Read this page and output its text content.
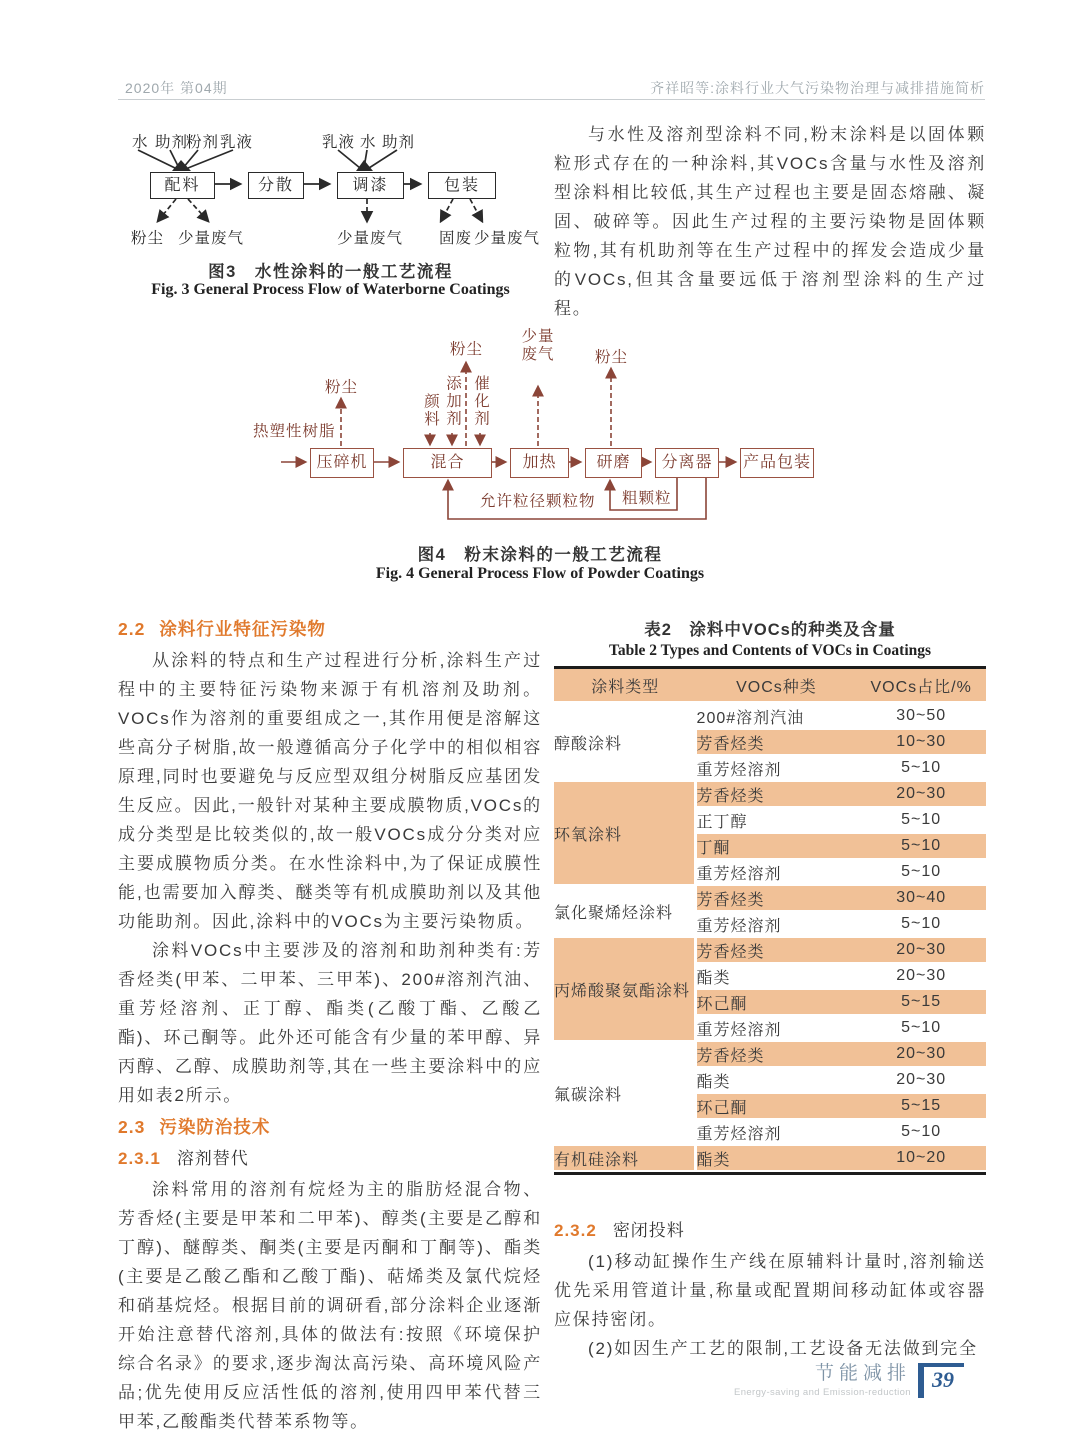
2020年 第04期	齐祥昭等:涂料行业大气污染物治理与减排措施简析
水 助剂
粉剂 乳液	乳液 水 助剂
配料	分散	调漆	包装
粉尘 少量废气	少量废气 固废 少量废气
图3　水性涂料的一般工艺流程
Fig. 3 General Process Flow of Waterborne Coatings

与水性及溶剂型涂料不同,粉末涂料是以固体颗粒形式存在的一种涂料,其VOCs含量与水性及溶剂型涂料相比较低,其生产过程也主要是固态熔融、凝固、破碎等。因此生产过程的主要污染物是固体颗粒物,其有机助剂等在生产过程中的挥发会造成少量的VOCs,但其含量要远低于溶剂型涂料的生产过程。

热塑性树脂
压碎机	混合	加热	研磨	分离器	产品包装
颜料 添加剂 催化剂
粉尘
粉尘
少量废气	粉尘
允许粒径颗粒物 粗颗粒
图4　粉末涂料的一般工艺流程
Fig. 4 General Process Flow of Powder Coatings
2.2 涂料行业特征污染物

从涂料的特点和生产过程进行分析,涂料生产过程中的主要特征污染物来源于有机溶剂及助剂。VOCs作为溶剂的重要组成之一,其作用便是溶解这些高分子树脂,故一般遵循高分子化学中的相似相容原理,同时也要避免与反应型双组分树脂反应基团发生反应。因此,一般针对某种主要成膜物质,VOCs的成分类型是比较类似的,故一般VOCs成分分类对应主要成膜物质分类。在水性涂料中,为了保证成膜性能,也需要加入醇类、醚类等有机成膜助剂以及其他功能助剂。因此,涂料中的VOCs为主要污染物质。

涂料VOCs中主要涉及的溶剂和助剂种类有:芳香烃类(甲苯、二甲苯、三甲苯)、200#溶剂汽油、重芳烃溶剂、正丁醇、酯类(乙酸丁酯、乙酸乙酯)、环己酮等。此外还可能含有少量的苯甲醇、异丙醇、乙醇、成膜助剂等,其在一些主要涂料中的应用如表2所示。

2.3 污染防治技术
2.3.1 溶剂替代

涂料常用的溶剂有烷烃为主的脂肪烃混合物、芳香烃(主要是甲苯和二甲苯)、醇类(主要是乙醇和丁醇)、醚醇类、酮类(主要是丙酮和丁酮等)、酯类(主要是乙酸乙酯和乙酸丁酯)、萜烯类及氯代烷烃和硝基烷烃。根据目前的调研看,部分涂料企业逐渐开始注意替代溶剂,具体的做法有:按照《环境保护综合名录》的要求,逐步淘汰高污染、高环境风险产品;优先使用反应活性低的溶剂,使用四甲苯代替三甲苯,乙酸酯类代替苯系物等。

表2　涂料中VOCs的种类及含量
Table 2 Types and Contents of VOCs in Coatings
涂料类型	VOCs种类	VOCs占比/%
醇酸涂料	200#溶剂汽油	30~50
	芳香烃类	10~30
	重芳烃溶剂	5~10
环氧涂料	芳香烃类	20~30
	正丁醇	5~10
	丁酮	5~10
	重芳烃溶剂	5~10
氯化聚烯烃涂料	芳香烃类	30~40
	重芳烃溶剂	5~10
丙烯酸聚氨酯涂料	芳香烃类	20~30
	酯类	20~30
	环己酮	5~15
	重芳烃溶剂	5~10
氟碳涂料	芳香烃类	20~30
	酯类	20~30
	环己酮	5~15
	重芳烃溶剂	5~10
有机硅涂料	酯类	10~20
2.3.2 密闭投料

(1)移动缸操作生产线在原辅料计量时,溶剂输送优先采用管道计量,称量或配置期间移动缸体或容器应保持密闭。

(2)如因生产工艺的限制,工艺设备无法做到完全

节能减排
Energy-saving and Emission-reduction
39
